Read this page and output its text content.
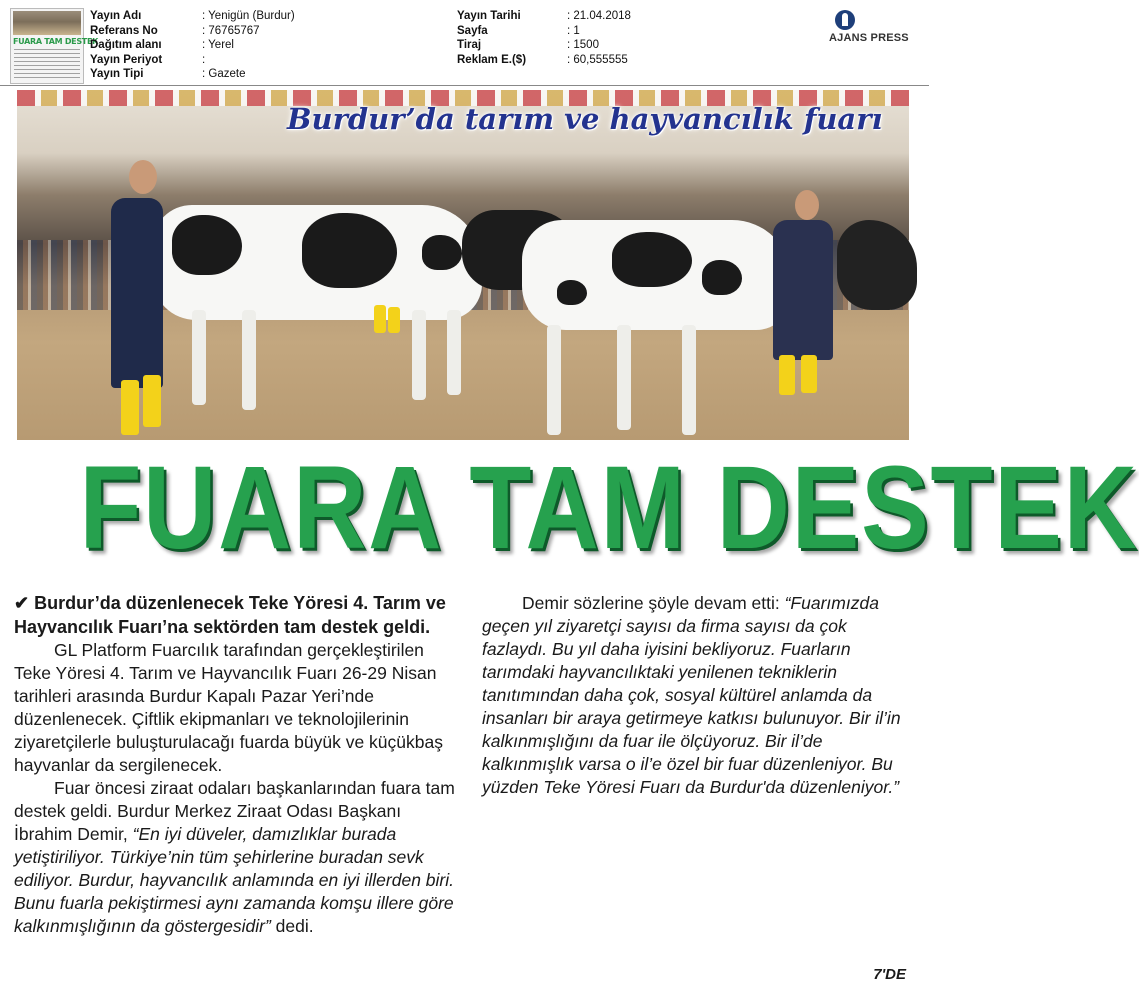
FUARA TAM DESTEK
Yayın Adı	: Yenigün (Burdur)
Referans No	: 76765767
Dağıtım alanı	: Yerel
Yayın Periyot	:
Yayın Tipi	: Gazete
Yayın Tarihi	: 21.04.2018
Sayfa	: 1
Tiraj	: 1500
Reklam E.($)	: 60,555555
AJANS PRESS
Burdur’da tarım ve hayvancılık fuarı
FUARA TAM DESTEK

✔ Burdur’da düzenlenecek Teke Yöresi 4. Tarım ve Hayvancılık Fuarı’na sektörden tam destek geldi.

GL Platform Fuarcılık tarafından gerçekleştirilen Teke Yöresi 4. Tarım ve Hayvancılık Fuarı 26-29 Nisan tarihleri arasında Burdur Kapalı Pazar Yeri’nde düzenlenecek. Çiftlik ekipmanları ve teknolojilerinin ziyaretçilerle buluşturulacağı fuarda büyük ve küçükbaş hayvanlar da sergilenecek.

Fuar öncesi ziraat odaları başkanlarından fuara tam destek geldi. Burdur Merkez Ziraat Odası Başkanı İbrahim Demir, “En iyi düveler, damızlıklar burada yetiştiriliyor. Türkiye’nin tüm şehirlerine buradan sevk ediliyor. Burdur, hayvancılık anlamında en iyi illerden biri. Bunu fuarla pekiştirmesi aynı zamanda komşu illere göre kalkınmışlığının da göstergesidir” dedi.

Demir sözlerine şöyle devam etti: “Fuarımızda geçen yıl ziyaretçi sayısı da firma sayısı da çok fazlaydı. Bu yıl daha iyisini bekliyoruz. Fuarların tarımdaki hayvancılıktaki yenilenen tekniklerin tanıtımından daha çok, sosyal kültürel anlamda da insanları bir araya getirmeye katkısı bulunuyor. Bir il’in kalkınmışlığını da fuar ile ölçüyoruz. Bir il’de kalkınmışlık varsa o il’e özel bir fuar düzenleniyor. Bu yüzden Teke Yöresi Fuarı da Burdur'da düzenleniyor.”

7'DE
